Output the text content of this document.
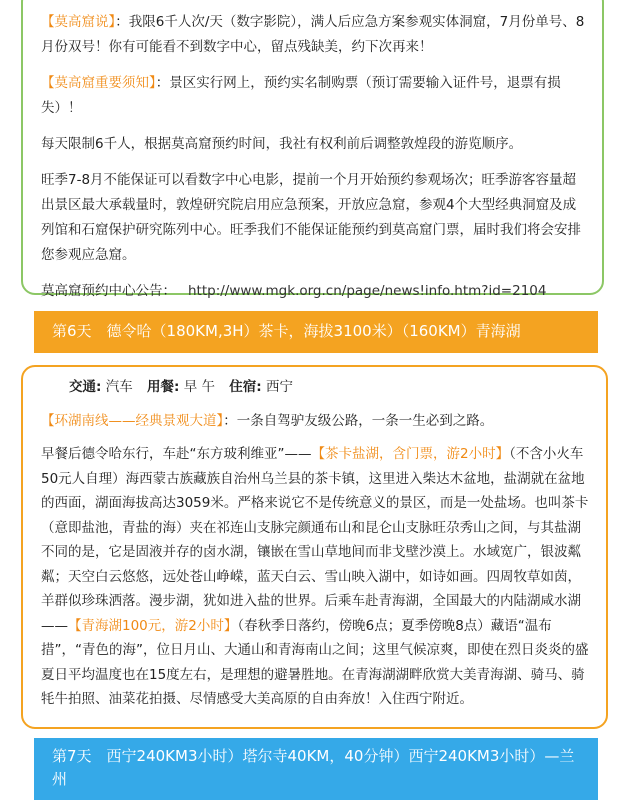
【莫高窟说】：我限6千人次/天（数字影院），满人后应急方案参观实体洞窟，7月份单号、8月份双号！你有可能看不到数字中心，留点残缺美，约下次再来！

【莫高窟重要须知】：景区实行网上，预约实名制购票（预订需要输入证件号，退票有损失）！

每天限制6千人，根据莫高窟预约时间，我社有权利前后调整敦煌段的游览顺序。

旺季7-8月不能保证可以看数字中心电影，提前一个月开始预约参观场次；旺季游客容量超出景区最大承载量时，敦煌研究院启用应急预案，开放应急窟，参观4个大型经典洞窟及成列馆和石窟保护研究陈列中心。旺季我们不能保证能预约到莫高窟门票，届时我们将会安排您参观应急窟。

莫高窟预约中心公告： http://www.mgk.org.cn/page/news!info.htm?id=2104

第6天　德令哈（180KM,3H）茶卡，海拔3100米）（160KM）青海湖

交通: 汽车 用餐: 早 午 住宿: 西宁

【环湖南线——经典景观大道】：一条自驾驴友级公路，一条一生必到之路。

早餐后德令哈东行，车赴“东方玻利维亚”——【茶卡盐湖，含门票，游2小时】（不含小火车50元人自理）海西蒙古族藏族自治州乌兰县的茶卡镇，这里进入柴达木盆地，盐湖就在盆地的西面，湖面海拔高达3059米。严格来说它不是传统意义的景区，而是一处盐场。也叫茶卡（意即盐池，青盐的海）夹在祁连山支脉完颜通布山和昆仑山支脉旺尕秀山之间，与其盐湖不同的是，它是固液并存的卤水湖，镶嵌在雪山草地间而非戈壁沙漠上。水域宽广，银波粼粼；天空白云悠悠，远处苍山峥嵘，蓝天白云、雪山映入湖中，如诗如画。四周牧草如茵，羊群似珍珠洒落。漫步湖，犹如进入盐的世界。后乘车赴青海湖，全国最大的内陆湖咸水湖——【青海湖100元，游2小时】（春秋季日落约，傍晚6点；夏季傍晚8点）藏语“温布措”，“青色的海”，位日月山、大通山和青海南山之间；这里气候凉爽，即使在烈日炎炎的盛夏日平均温度也在15度左右，是理想的避暑胜地。在青海湖湖畔欣赏大美青海湖、骑马、骑牦牛拍照、油菜花拍摄、尽情感受大美高原的自由奔放！入住西宁附近。

第7天　西宁240KM3小时）塔尔寺40KM，40分钟）西宁240KM3小时）—兰州
